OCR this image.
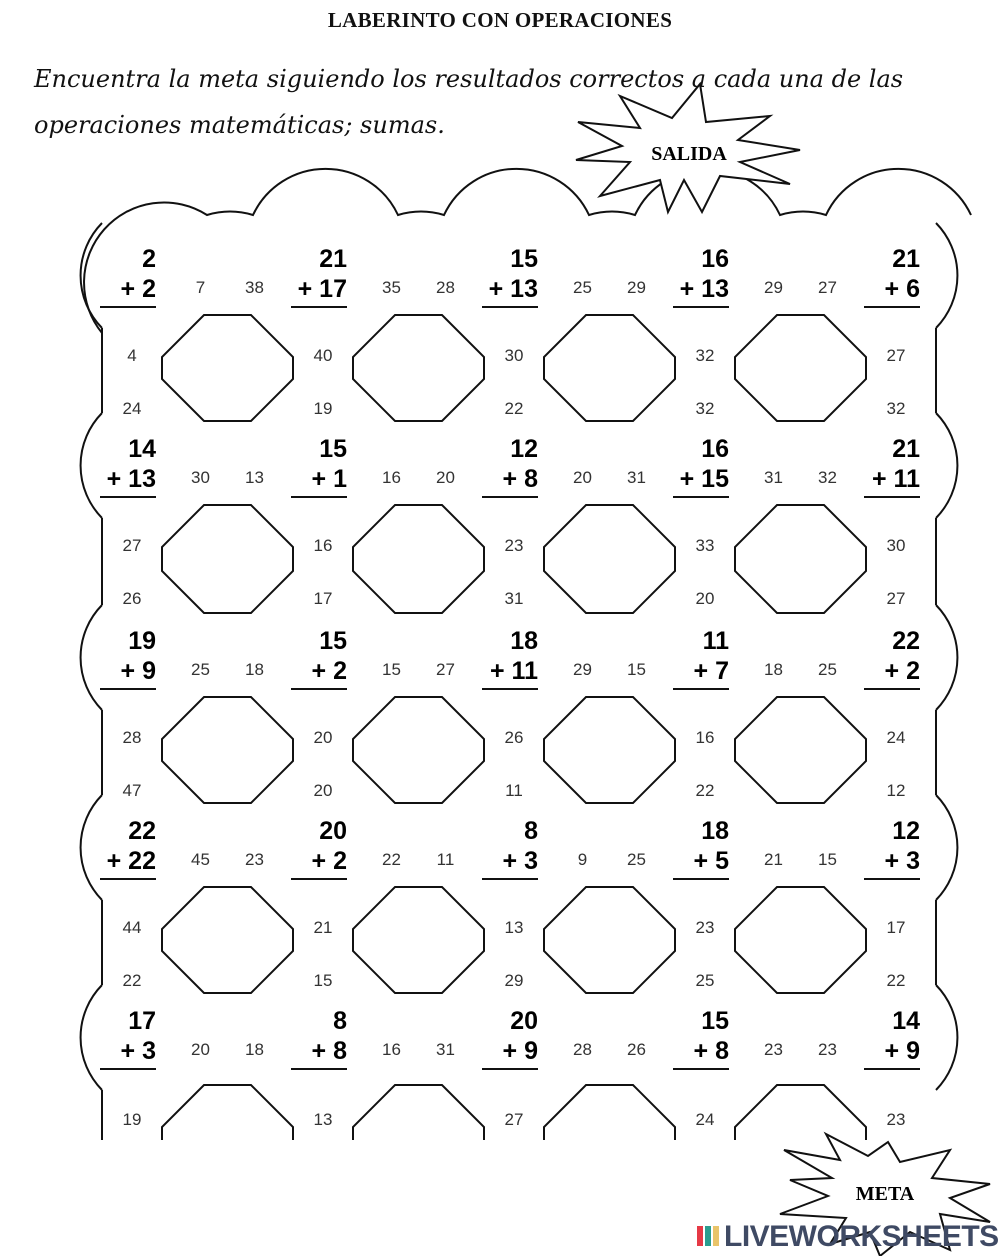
LABERINTO CON OPERACIONES
Encuentra la meta siguiendo los resultados correctos a cada una de las
operaciones matemáticas; sumas.
2
+ 2
21
+ 17
15
+ 13
16
+ 13
21
+ 6
14
+ 13
15
+ 1
12
+ 8
16
+ 15
21
+ 11
19
+ 9
15
+ 2
18
+ 11
11
+ 7
22
+ 2
22
+ 22
20
+ 2
8
+ 3
18
+ 5
12
+ 3
17
+ 3
8
+ 8
20
+ 9
15
+ 8
14
+ 9
7 38	35 28	25 29	29 27
30 13	16 20	20 31	31 32
25 18	15 27	29 15	18 25
45 23	22 11	9 25	21 15
20 18	16 31	28 26	23 23
4
24
40
19
30
22
32
32
27
32
27
26
16
17
23
31
33
20
30
27
28
47
20
20
26
11
16
22
24
12
44
22
21
15
13
29
23
25
17
22
19	13	27	24	23
SALIDA
META
LIVEWORKSHEETS
